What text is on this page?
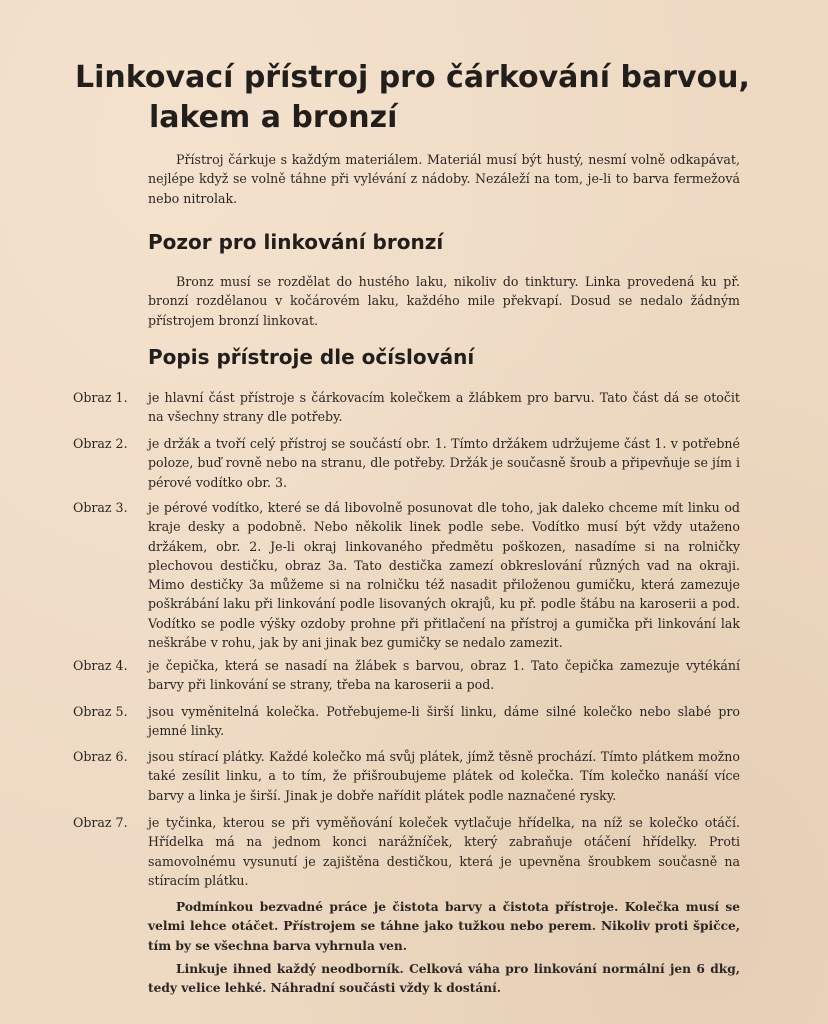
Linkovací přístroj pro čárkování barvou,
lakem a bronzí

Přístroj čárkuje s každým materiálem. Materiál musí být hustý, nesmí volně odkapávat, nejlépe když se volně táhne při vylévání z nádoby. Nezáleží na tom, je-li to barva fermežová nebo nitrolak.

Pozor pro linkování bronzí

Bronz musí se rozdělat do hustého laku, nikoliv do tinktury. Linka provedená ku př. bronzí rozdělanou v kočárovém laku, každého mile překvapí. Dosud se nedalo žádným přístrojem bronzí linkovat.

Popis přístroje dle očíslování
Obraz 1.	je hlavní část přístroje s čárkovacím kolečkem a žlábkem pro barvu. Tato část dá se otočit na všechny strany dle potřeby.

Obraz 2.	je držák a tvoří celý přístroj se součástí obr. 1. Tímto držákem udržujeme část 1. v potřebné poloze, buď rovně nebo na stranu, dle potřeby. Držák je současně šroub a připevňuje se jím i pérové vodítko obr. 3.

Obraz 3.	je pérové vodítko, které se dá libovolně posunovat dle toho, jak daleko chceme mít linku od kraje desky a podobně. Nebo několik linek podle sebe. Vodítko musí být vždy utaženo držákem, obr. 2. Je-li okraj linkovaného předmětu poškozen, nasadíme si na rolničky plechovou destičku, obraz 3a. Tato destička zamezí obkreslování různých vad na okraji. Mimo destičky 3a můžeme si na rolničku též nasadit přiloženou gumičku, která zamezuje poškrábání laku při linkování podle lisovaných okrajů, ku př. podle štábu na karoserii a pod. Vodítko se podle výšky ozdoby prohne při přitlačení na přístroj a gumička při linkování lak neškrábe v rohu, jak by ani jinak bez gumičky se nedalo zamezit.

Obraz 4.	je čepička, která se nasadí na žlábek s barvou, obraz 1. Tato čepička zamezuje vytékání barvy při linkování se strany, třeba na karoserii a pod.

Obraz 5.	jsou vyměnitelná kolečka. Potřebujeme-li širší linku, dáme silné kolečko nebo slabé pro jemné linky.

Obraz 6.	jsou stírací plátky. Každé kolečko má svůj plátek, jímž těsně prochází. Tímto plátkem možno také zesílit linku, a to tím, že přišroubujeme plátek od kolečka. Tím kolečko nanáší více barvy a linka je širší. Jinak je dobře nařídit plátek podle naznačené rysky.

Obraz 7.	je tyčinka, kterou se při vyměňování koleček vytlačuje hřídelka, na níž se kolečko otáčí. Hřídelka má na jednom konci narážníček, který zabraňuje otáčení hřídelky. Proti samovolnému vysunutí je zajištěna destičkou, která je upevněna šroubkem současně na stíracím plátku.

Podmínkou bezvadné práce je čistota barvy a čistota přístroje. Kolečka musí se velmi lehce otáčet. Přístrojem se táhne jako tužkou nebo perem. Nikoliv proti špičce, tím by se všechna barva vyhrnula ven.

Linkuje ihned každý neodborník. Celková váha pro linkování normální jen 6 dkg, tedy velice lehké. Náhradní součásti vždy k dostání.
